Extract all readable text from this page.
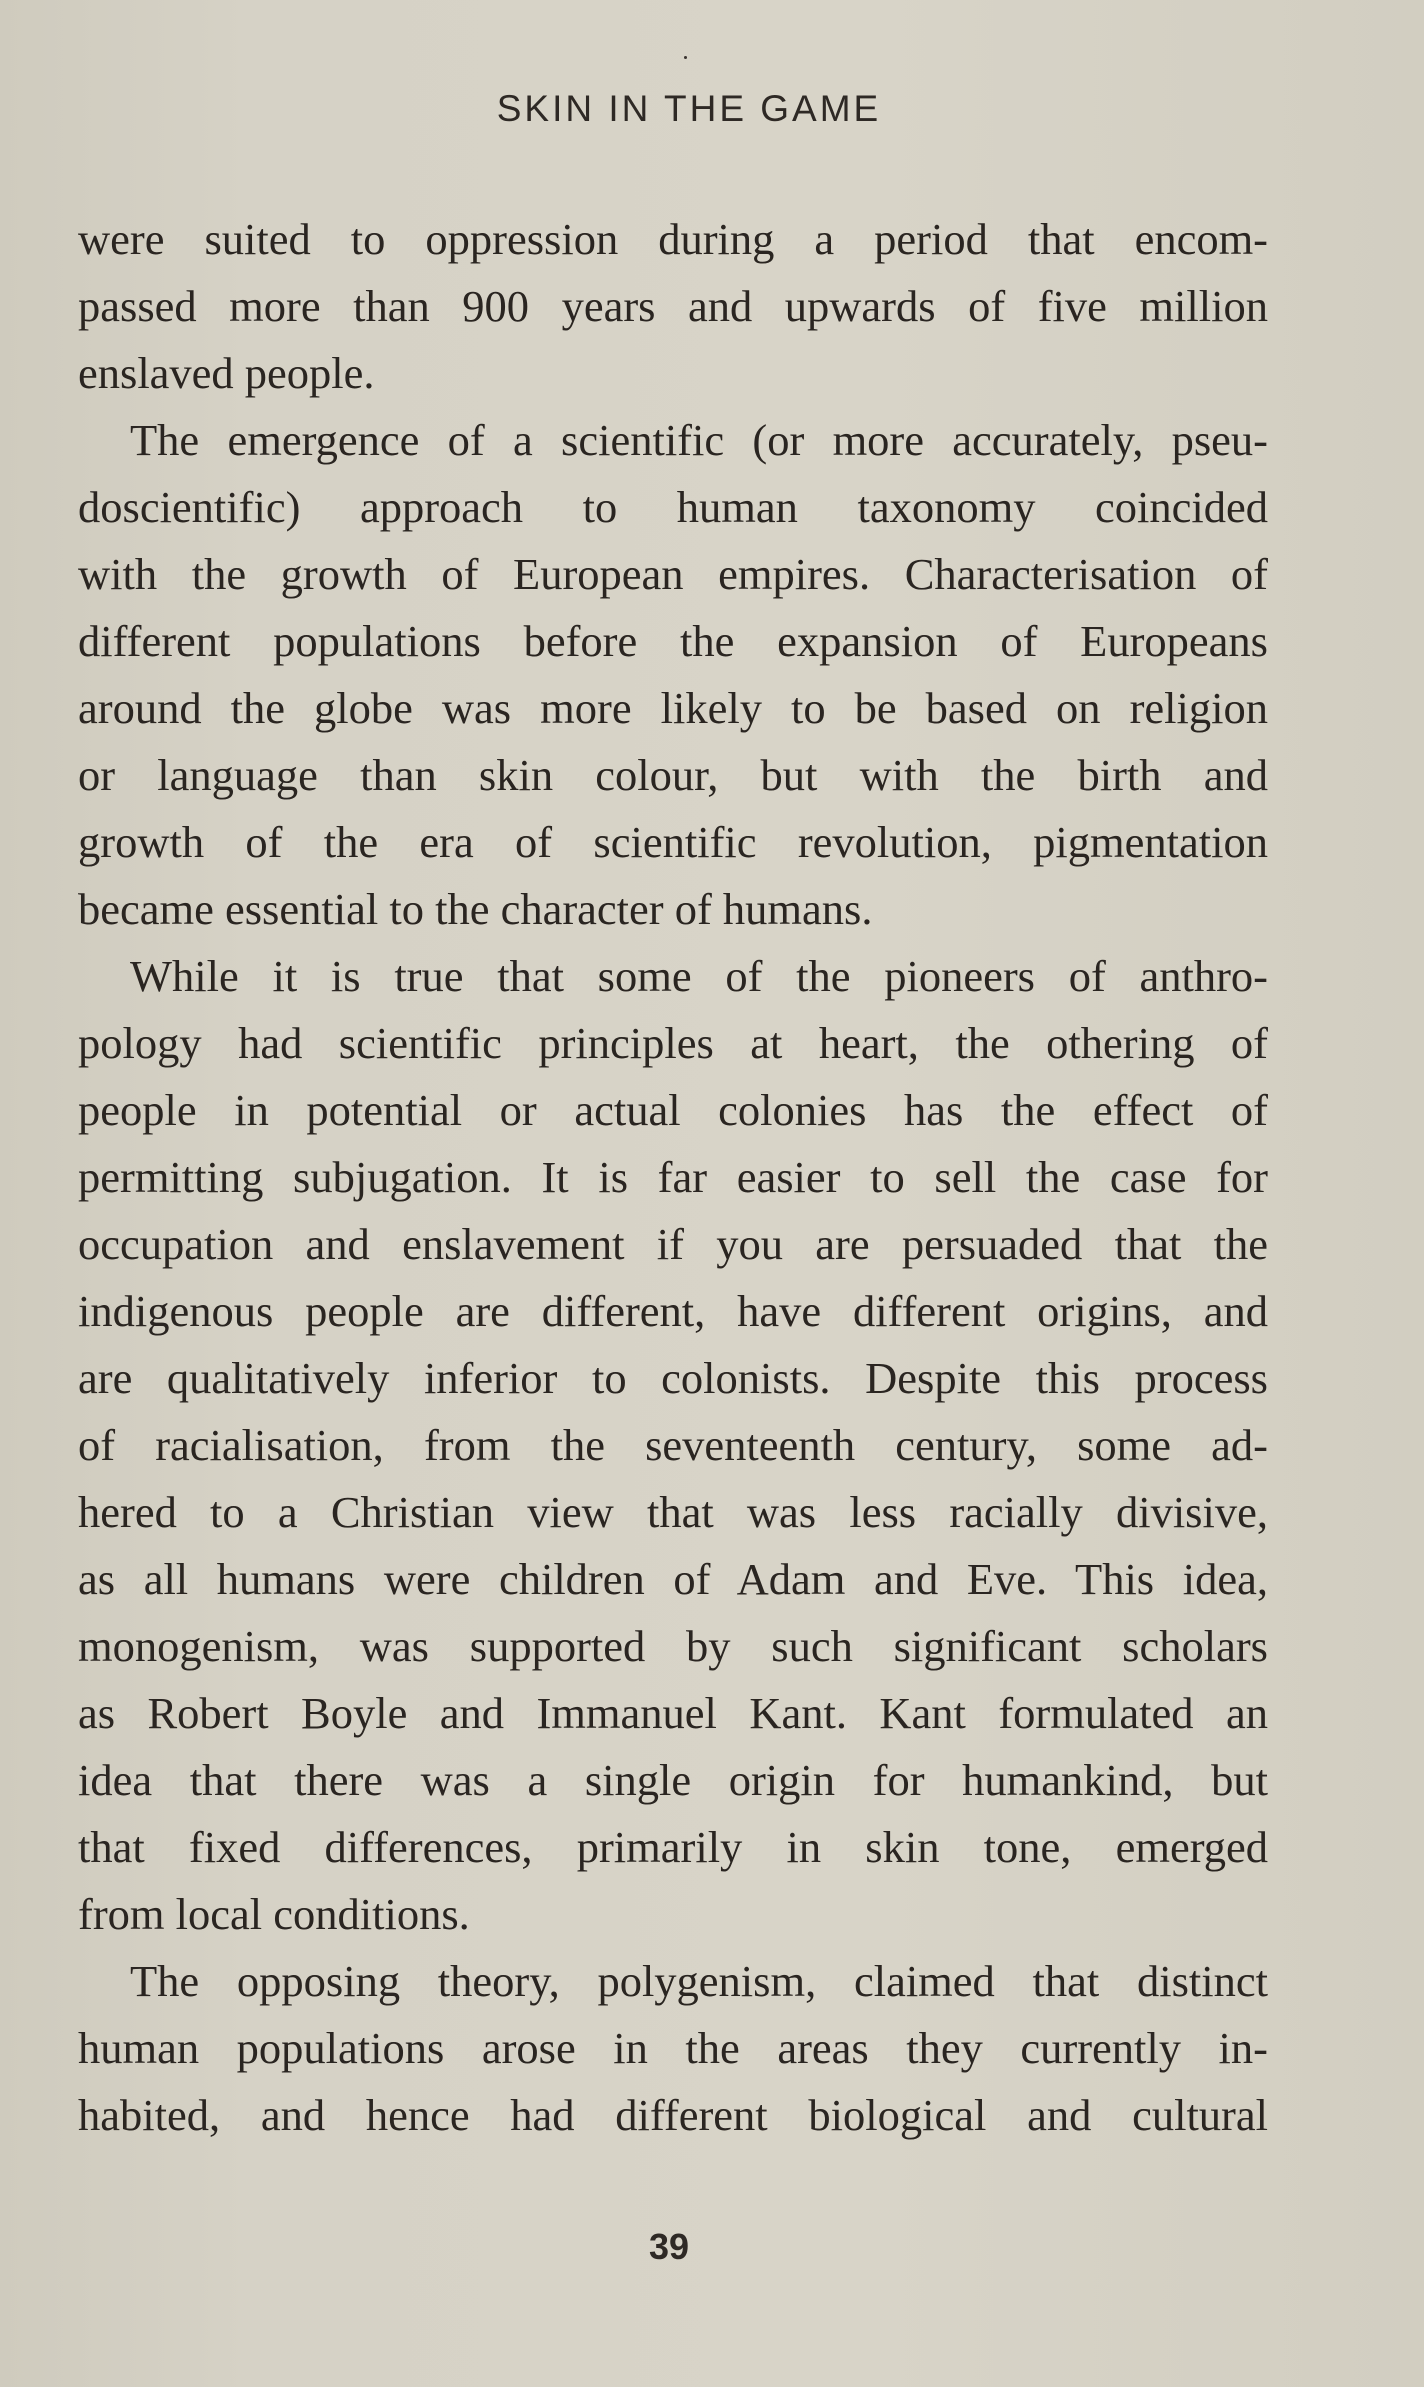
SKIN IN THE GAME
were suited to oppression during a period that encom-
passed more than 900 years and upwards of five million
enslaved people.
The emergence of a scientific (or more accurately, pseu-
doscientific) approach to human taxonomy coincided
with the growth of European empires. Characterisation of
different populations before the expansion of Europeans
around the globe was more likely to be based on religion
or language than skin colour, but with the birth and
growth of the era of scientific revolution, pigmentation
became essential to the character of humans.
While it is true that some of the pioneers of anthro-
pology had scientific principles at heart, the othering of
people in potential or actual colonies has the effect of
permitting subjugation. It is far easier to sell the case for
occupation and enslavement if you are persuaded that the
indigenous people are different, have different origins, and
are qualitatively inferior to colonists. Despite this process
of racialisation, from the seventeenth century, some ad-
hered to a Christian view that was less racially divisive,
as all humans were children of Adam and Eve. This idea,
monogenism, was supported by such significant scholars
as Robert Boyle and Immanuel Kant. Kant formulated an
idea that there was a single origin for humankind, but
that fixed differences, primarily in skin tone, emerged
from local conditions.
The opposing theory, polygenism, claimed that distinct
human populations arose in the areas they currently in-
habited, and hence had different biological and cultural
39
